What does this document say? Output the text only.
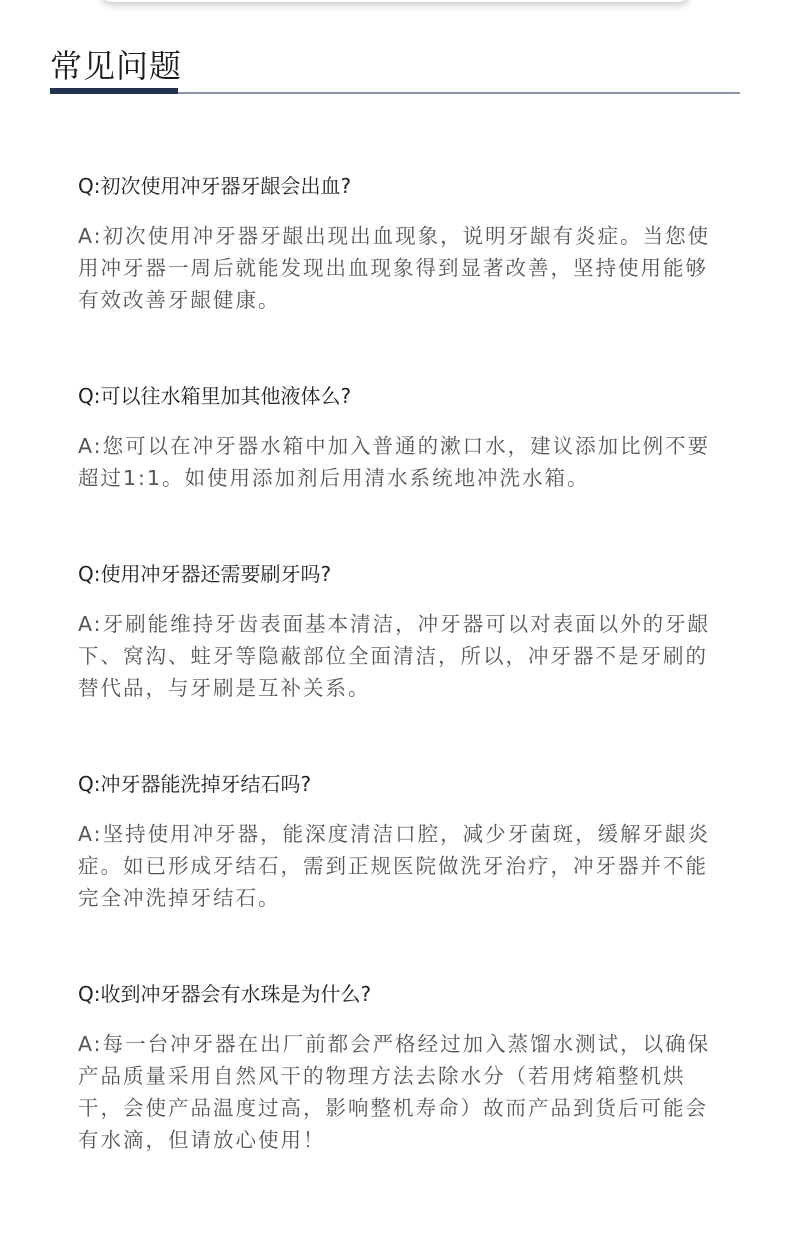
常见问题
Q:初次使用冲牙器牙龈会出血?

A:初次使用冲牙器牙龈出现出血现象，说明牙龈有炎症。当您使用冲牙器一周后就能发现出血现象得到显著改善，坚持使用能够有效改善牙龈健康。

Q:可以往水箱里加其他液体么?

A:您可以在冲牙器水箱中加入普通的漱口水，建议添加比例不要超过1:1。如使用添加剂后用清水系统地冲洗水箱。

Q:使用冲牙器还需要刷牙吗?

A:牙刷能维持牙齿表面基本清洁，冲牙器可以对表面以外的牙龈下、窝沟、蛀牙等隐蔽部位全面清洁，所以，冲牙器不是牙刷的替代品，与牙刷是互补关系。

Q:冲牙器能洗掉牙结石吗?

A:坚持使用冲牙器，能深度清洁口腔，减少牙菌斑，缓解牙龈炎症。如已形成牙结石，需到正规医院做洗牙治疗，冲牙器并不能完全冲洗掉牙结石。

Q:收到冲牙器会有水珠是为什么?

A:每一台冲牙器在出厂前都会严格经过加入蒸馏水测试，以确保产品质量采用自然风干的物理方法去除水分（若用烤箱整机烘干，会使产品温度过高，影响整机寿命）故而产品到货后可能会有水滴，但请放心使用！
